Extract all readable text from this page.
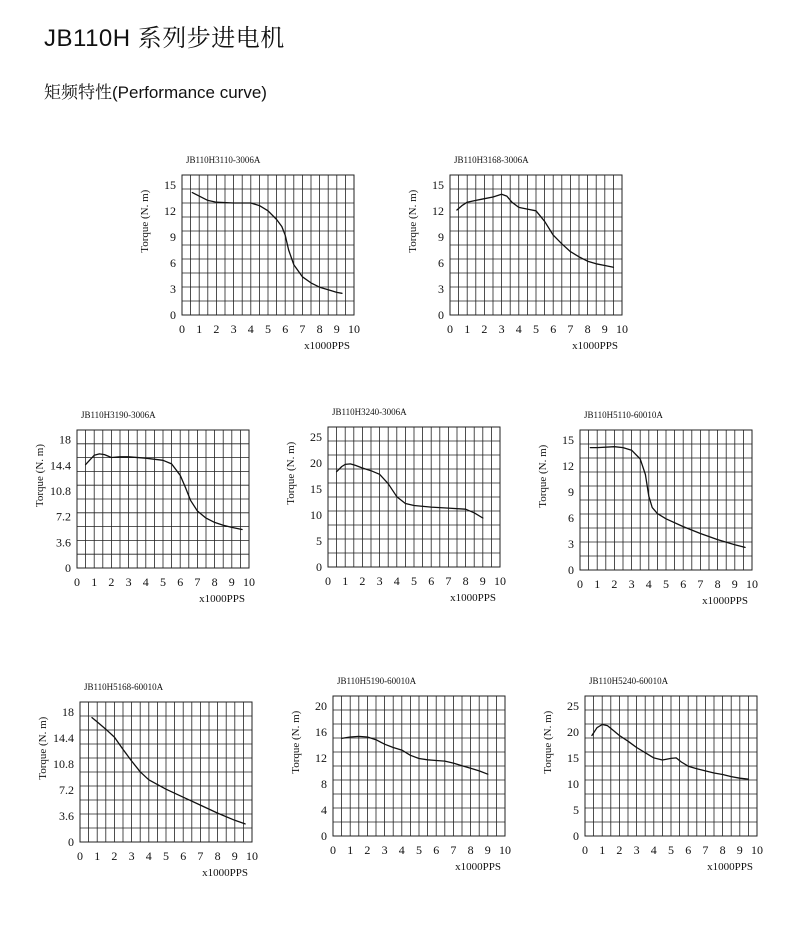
JB110H 系列步进电机
矩频特性(Performance curve)
JB110H3110-3006A
0 1 2 3 4 5 6 7 8 9 10
0
3
6
9
12
15
x1000PPS
Torque (N. m)
JB110H3168-3006A
0 1 2 3 4 5 6 7 8 9 10
0
3
6
9
12
15
x1000PPS
Torque (N. m)
JB110H3190-3006A
0 1 2 3 4 5 6 7 8 9 10
0
3.6
7.2
10.8
14.4
18
x1000PPS
Torque (N. m)
JB110H3240-3006A
0 1 2 3 4 5 6 7 8 9 10
0
5
10
15
20
25
x1000PPS
Torque (N. m)
JB110H5110-60010A
0 1 2 3 4 5 6 7 8 9 10
0
3
6
9
12
15
x1000PPS
Torque (N. m)
JB110H5168-60010A
0 1 2 3 4 5 6 7 8 9 10
0
3.6
7.2
10.8
14.4
18
x1000PPS
Torque (N. m)
JB110H5190-60010A
0 1 2 3 4 5 6 7 8 9 10
0
4
8
12
16
20
x1000PPS
Torque (N. m)
JB110H5240-60010A
0 1 2 3 4 5 6 7 8 9 10
0
5
10
15
20
25
x1000PPS
Torque (N. m)
